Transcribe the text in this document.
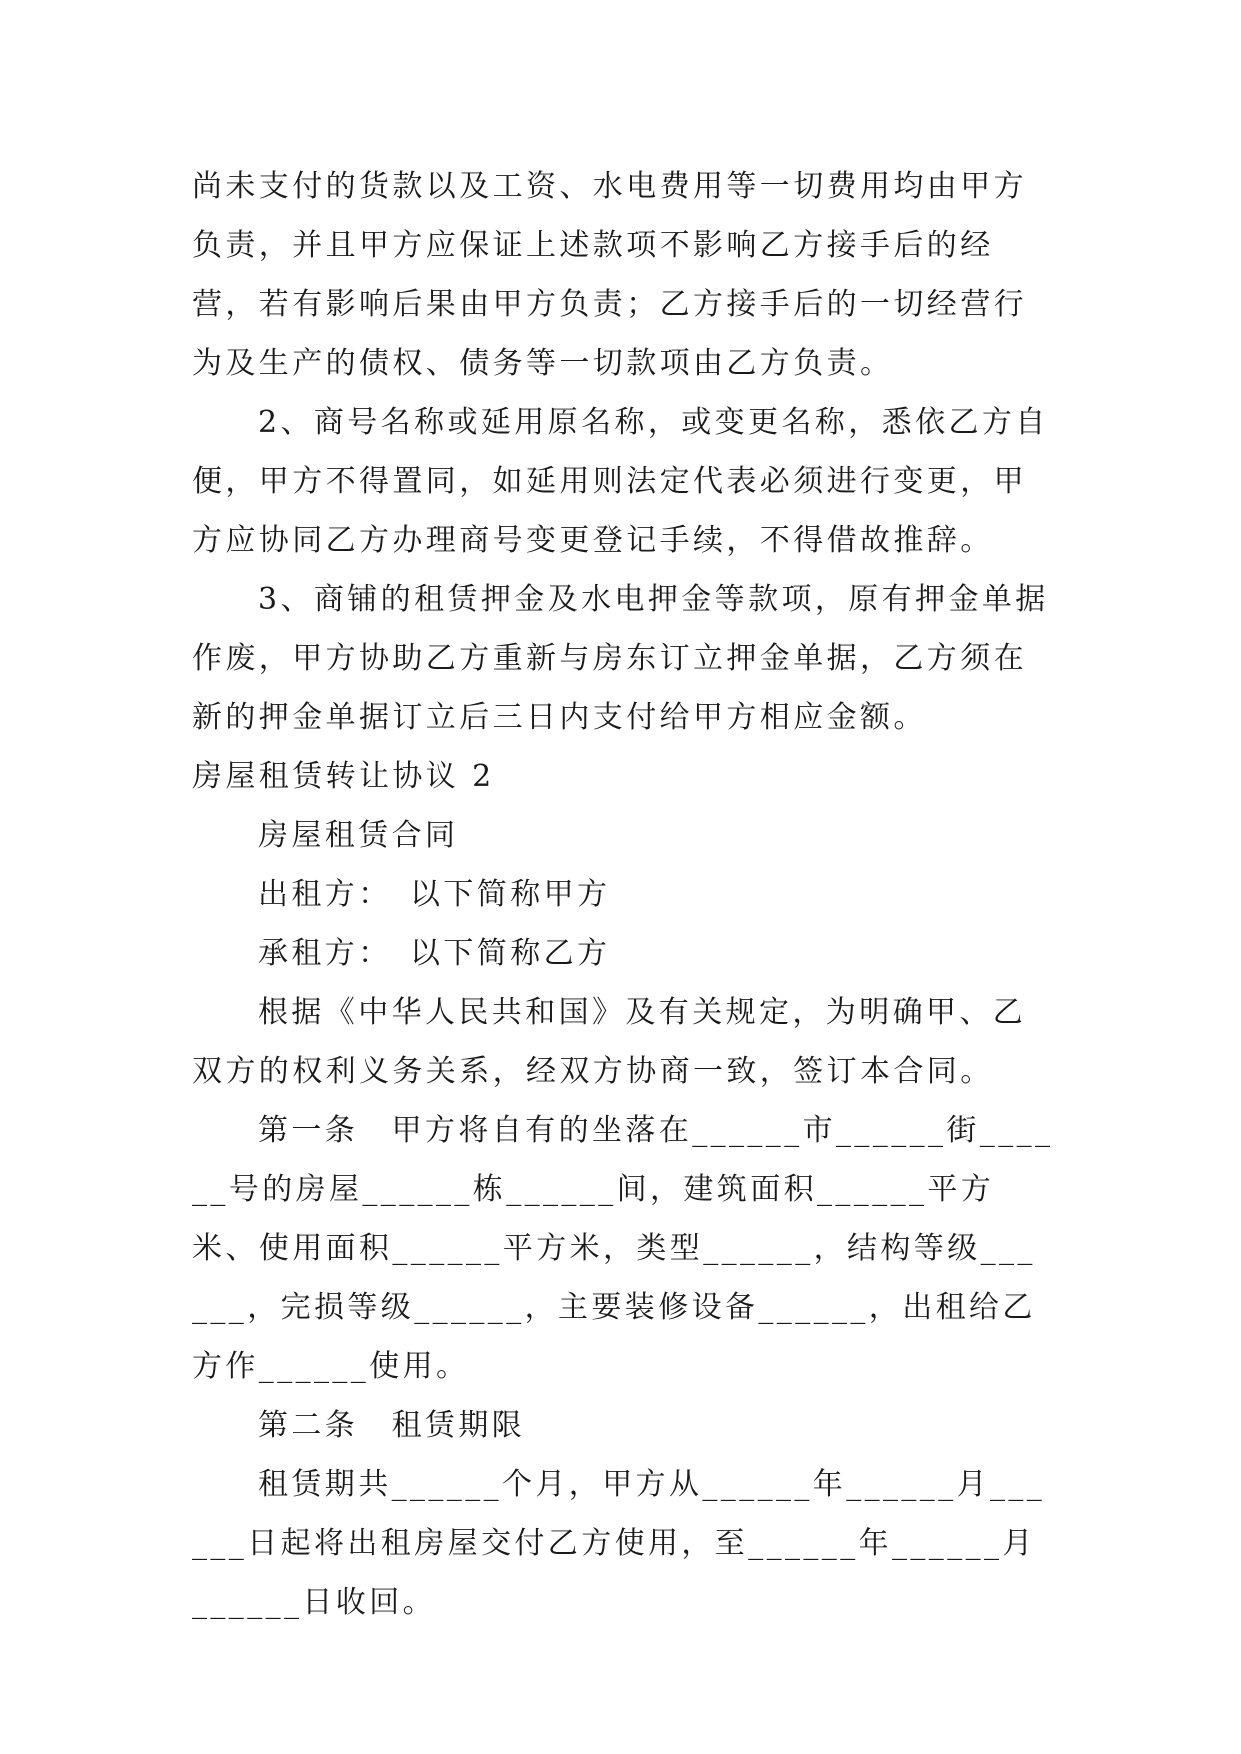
尚未支付的货款以及工资、水电费用等一切费用均由甲方负责，并且甲方应保证上述款项不影响乙方接手后的经营，若有影响后果由甲方负责；乙方接手后的一切经营行为及生产的债权、债务等一切款项由乙方负责。

2、商号名称或延用原名称，或变更名称，悉依乙方自便，甲方不得置同，如延用则法定代表必须进行变更，甲方应协同乙方办理商号变更登记手续，不得借故推辞。

3、商铺的租赁押金及水电押金等款项，原有押金单据作废，甲方协助乙方重新与房东订立押金单据，乙方须在新的押金单据订立后三日内支付给甲方相应金额。

房屋租赁转让协议 2

房屋租赁合同

出租方：　以下简称甲方

承租方：　以下简称乙方

根据《中华人民共和国》及有关规定，为明确甲、乙双方的权利义务关系，经双方协商一致，签订本合同。

第一条　甲方将自有的坐落在______市______街______号的房屋______栋______间，建筑面积______平方米、使用面积______平方米，类型______，结构等级______，完损等级______，主要装修设备______，出租给乙方作______使用。

第二条　租赁期限

租赁期共______个月，甲方从______年______月______日起将出租房屋交付乙方使用，至______年______月______日收回。
